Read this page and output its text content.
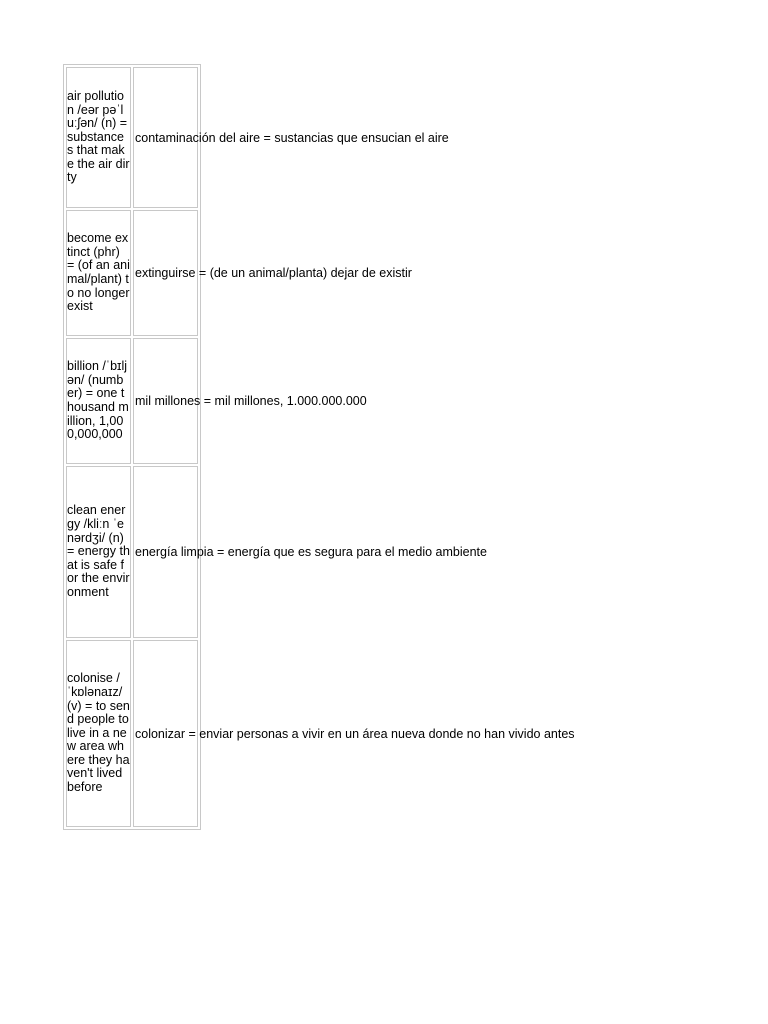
air pollution /eər pəˈluːʃən/ (n) = substances that make the air dirty	contaminación del aire = sustancias que ensucian el aire

become extinct (phr) = (of an animal/plant) to no longer exist	extinguirse = (de un animal/planta) dejar de existir

billion /ˈbɪljən/ (number) = one thousand million, 1,000,000,000	mil millones = mil millones, 1.000.000.000

clean energy /kliːn ˈenərdʒi/ (n) = energy that is safe for the environment	energía limpia = energía que es segura para el medio ambiente

colonise /ˈkɒlənaɪz/ (v) = to send people to live in a new area where they haven't lived before	colonizar = enviar personas a vivir en un área nueva donde no han vivido antes
